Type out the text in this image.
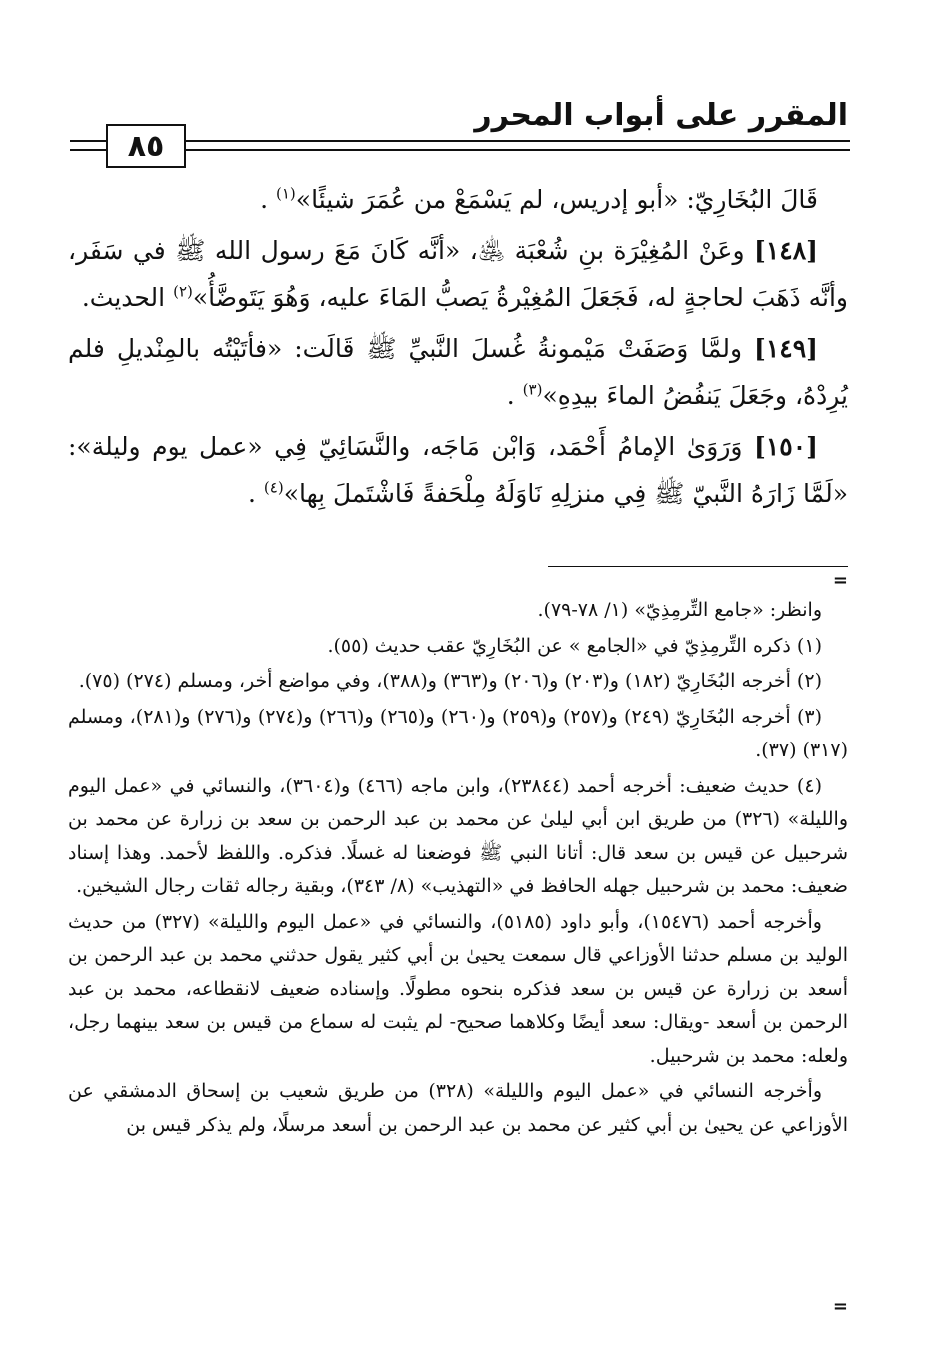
المقرر على أبواب المحرر
٨٥

قَالَ البُخَارِيّ: «أبو إدريس، لم يَسْمَعْ من عُمَرَ شيئًا»$^{(١)}$ .

[١٤٨] وعَنْ المُغِيْرَة بنِ شُعْبَة ﵁، «أنَّه كَانَ مَعَ رسول الله ﷺ في سَفَر، وأنَّه ذَهَبَ لحاجةٍ له، فَجَعَلَ المُغِيْرةُ يَصبُّ المَاءَ عليه، وَهُوَ يَتَوضَّأُ»$^{(٢)}$ الحديث.

[١٤٩] ولمَّا وَصَفَتْ مَيْمونةُ غُسلَ النَّبيِّ ﷺ قَالَت: «فأتَيْتُه بالمِنْديلِ فلم يُرِدْهُ، وجَعَلَ يَنفُضُ الماءَ بيدِهِ»$^{(٣)}$ .

[١٥٠] وَرَوَىٰ الإمامُ أَحْمَد، وَابْن مَاجَه، والنَّسَائِيّ فِي «عمل يوم وليلة»: «لَمَّا زَارَهُ النَّبيّ ﷺ فِي منزلِهِ نَاوَلَهُ مِلْحَفةً فَاشْتَملَ بِها»$^{(٤)}$ .

=

وانظر: «جامع التِّرمِذِيّ» (١/ ٧٨-٧٩).

(١) ذكره التِّرمِذِيّ في «الجامع » عن البُخَارِيّ عقب حديث (٥٥).

(٢) أخرجه البُخَارِيّ (١٨٢) و(٢٠٣) و(٢٠٦) و(٣٦٣) و(٣٨٨)، وفي مواضع أخر، ومسلم (٢٧٤) (٧٥).

(٣) أخرجه البُخَارِيّ (٢٤٩) و(٢٥٧) و(٢٥٩) و(٢٦٠) و(٢٦٥) و(٢٦٦) و(٢٧٤) و(٢٧٦) و(٢٨١)، ومسلم (٣١٧) (٣٧).

(٤) حديث ضعيف: أخرجه أحمد (٢٣٨٤٤)، وابن ماجه (٤٦٦) و(٣٦٠٤)، والنسائي في «عمل اليوم والليلة» (٣٢٦) من طريق ابن أبي ليلىٰ عن محمد بن عبد الرحمن بن سعد بن زرارة عن محمد بن شرحبيل عن قيس بن سعد قال: أتانا النبي ﷺ فوضعنا له غسلًا. فذكره. واللفظ لأحمد. وهذا إسناد ضعيف: محمد بن شرحبيل جهله الحافظ في «التهذيب» (٨/ ٣٤٣)، وبقية رجاله ثقات رجال الشيخين.

وأخرجه أحمد (١٥٤٧٦)، وأبو داود (٥١٨٥)، والنسائي في «عمل اليوم والليلة» (٣٢٧) من حديث الوليد بن مسلم حدثنا الأوزاعي قال سمعت يحيىٰ بن أبي كثير يقول حدثني محمد بن عبد الرحمن بن أسعد بن زرارة عن قيس بن سعد فذكره بنحوه مطولًا. وإسناده ضعيف لانقطاعه، محمد بن عبد الرحمن بن أسعد -ويقال: سعد أيضًا وكلاهما صحيح- لم يثبت له سماع من قيس بن سعد بينهما رجل، ولعله: محمد بن شرحبيل.

وأخرجه النسائي في «عمل اليوم والليلة» (٣٢٨) من طريق شعيب بن إسحاق الدمشقي عن الأوزاعي عن يحيىٰ بن أبي كثير عن محمد بن عبد الرحمن بن أسعد مرسلًا، ولم يذكر قيس بن

=
